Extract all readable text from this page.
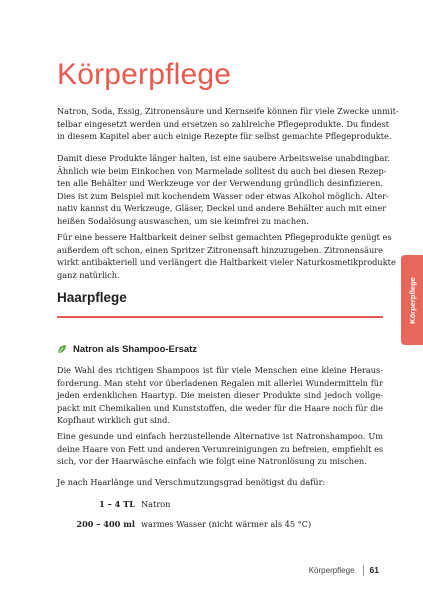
Körperpflege
Natron, Soda, Essig, Zitronensäure und Kernseife können für viele Zwecke unmit-
telbar eingesetzt werden und ersetzen so zahlreiche Pflegeprodukte. Du findest
in diesem Kapitel aber auch einige Rezepte für selbst gemachte Pflegeprodukte.
Damit diese Produkte länger halten, ist eine saubere Arbeitsweise unabdingbar.
Ähnlich wie beim Einkochen von Marmelade solltest du auch bei diesen Rezep-
ten alle Behälter und Werkzeuge vor der Verwendung gründlich desinfizieren.
Dies ist zum Beispiel mit kochendem Wasser oder etwas Alkohol möglich. Alter-
nativ kannst du Werkzeuge, Gläser, Deckel und andere Behälter auch mit einer
heißen Sodalösung auswaschen, um sie keimfrei zu machen.
Für eine bessere Haltbarkeit deiner selbst gemachten Pflegeprodukte genügt es
außerdem oft schon, einen Spritzer Zitronensaft hinzuzugeben. Zitronensäure
wirkt antibakteriell und verlängert die Haltbarkeit vieler Naturkosmetikprodukte
ganz natürlich.
Haarpflege
Natron als Shampoo-Ersatz
Die Wahl des richtigen Shampoos ist für viele Menschen eine kleine Heraus-
forderung. Man steht vor überladenen Regalen mit allerlei Wundermitteln für
jeden erdenklichen Haartyp. Die meisten dieser Produkte sind jedoch vollge-
packt mit Chemikalien und Kunststoffen, die weder für die Haare noch für die
Kopfhaut wirklich gut sind.
Eine gesunde und einfach herzustellende Alternative ist Natronshampoo. Um
deine Haare von Fett und anderen Verunreinigungen zu befreien, empfiehlt es
sich, vor der Haarwäsche einfach wie folgt eine Natronlösung zu mischen.
Je nach Haarlänge und Verschmutzungsgrad benötigst du dafür:
1 – 4 TL Natron
200 – 400 ml warmes Wasser (nicht wärmer als 45 °C)
Körperpflege
Körperpflege 61
